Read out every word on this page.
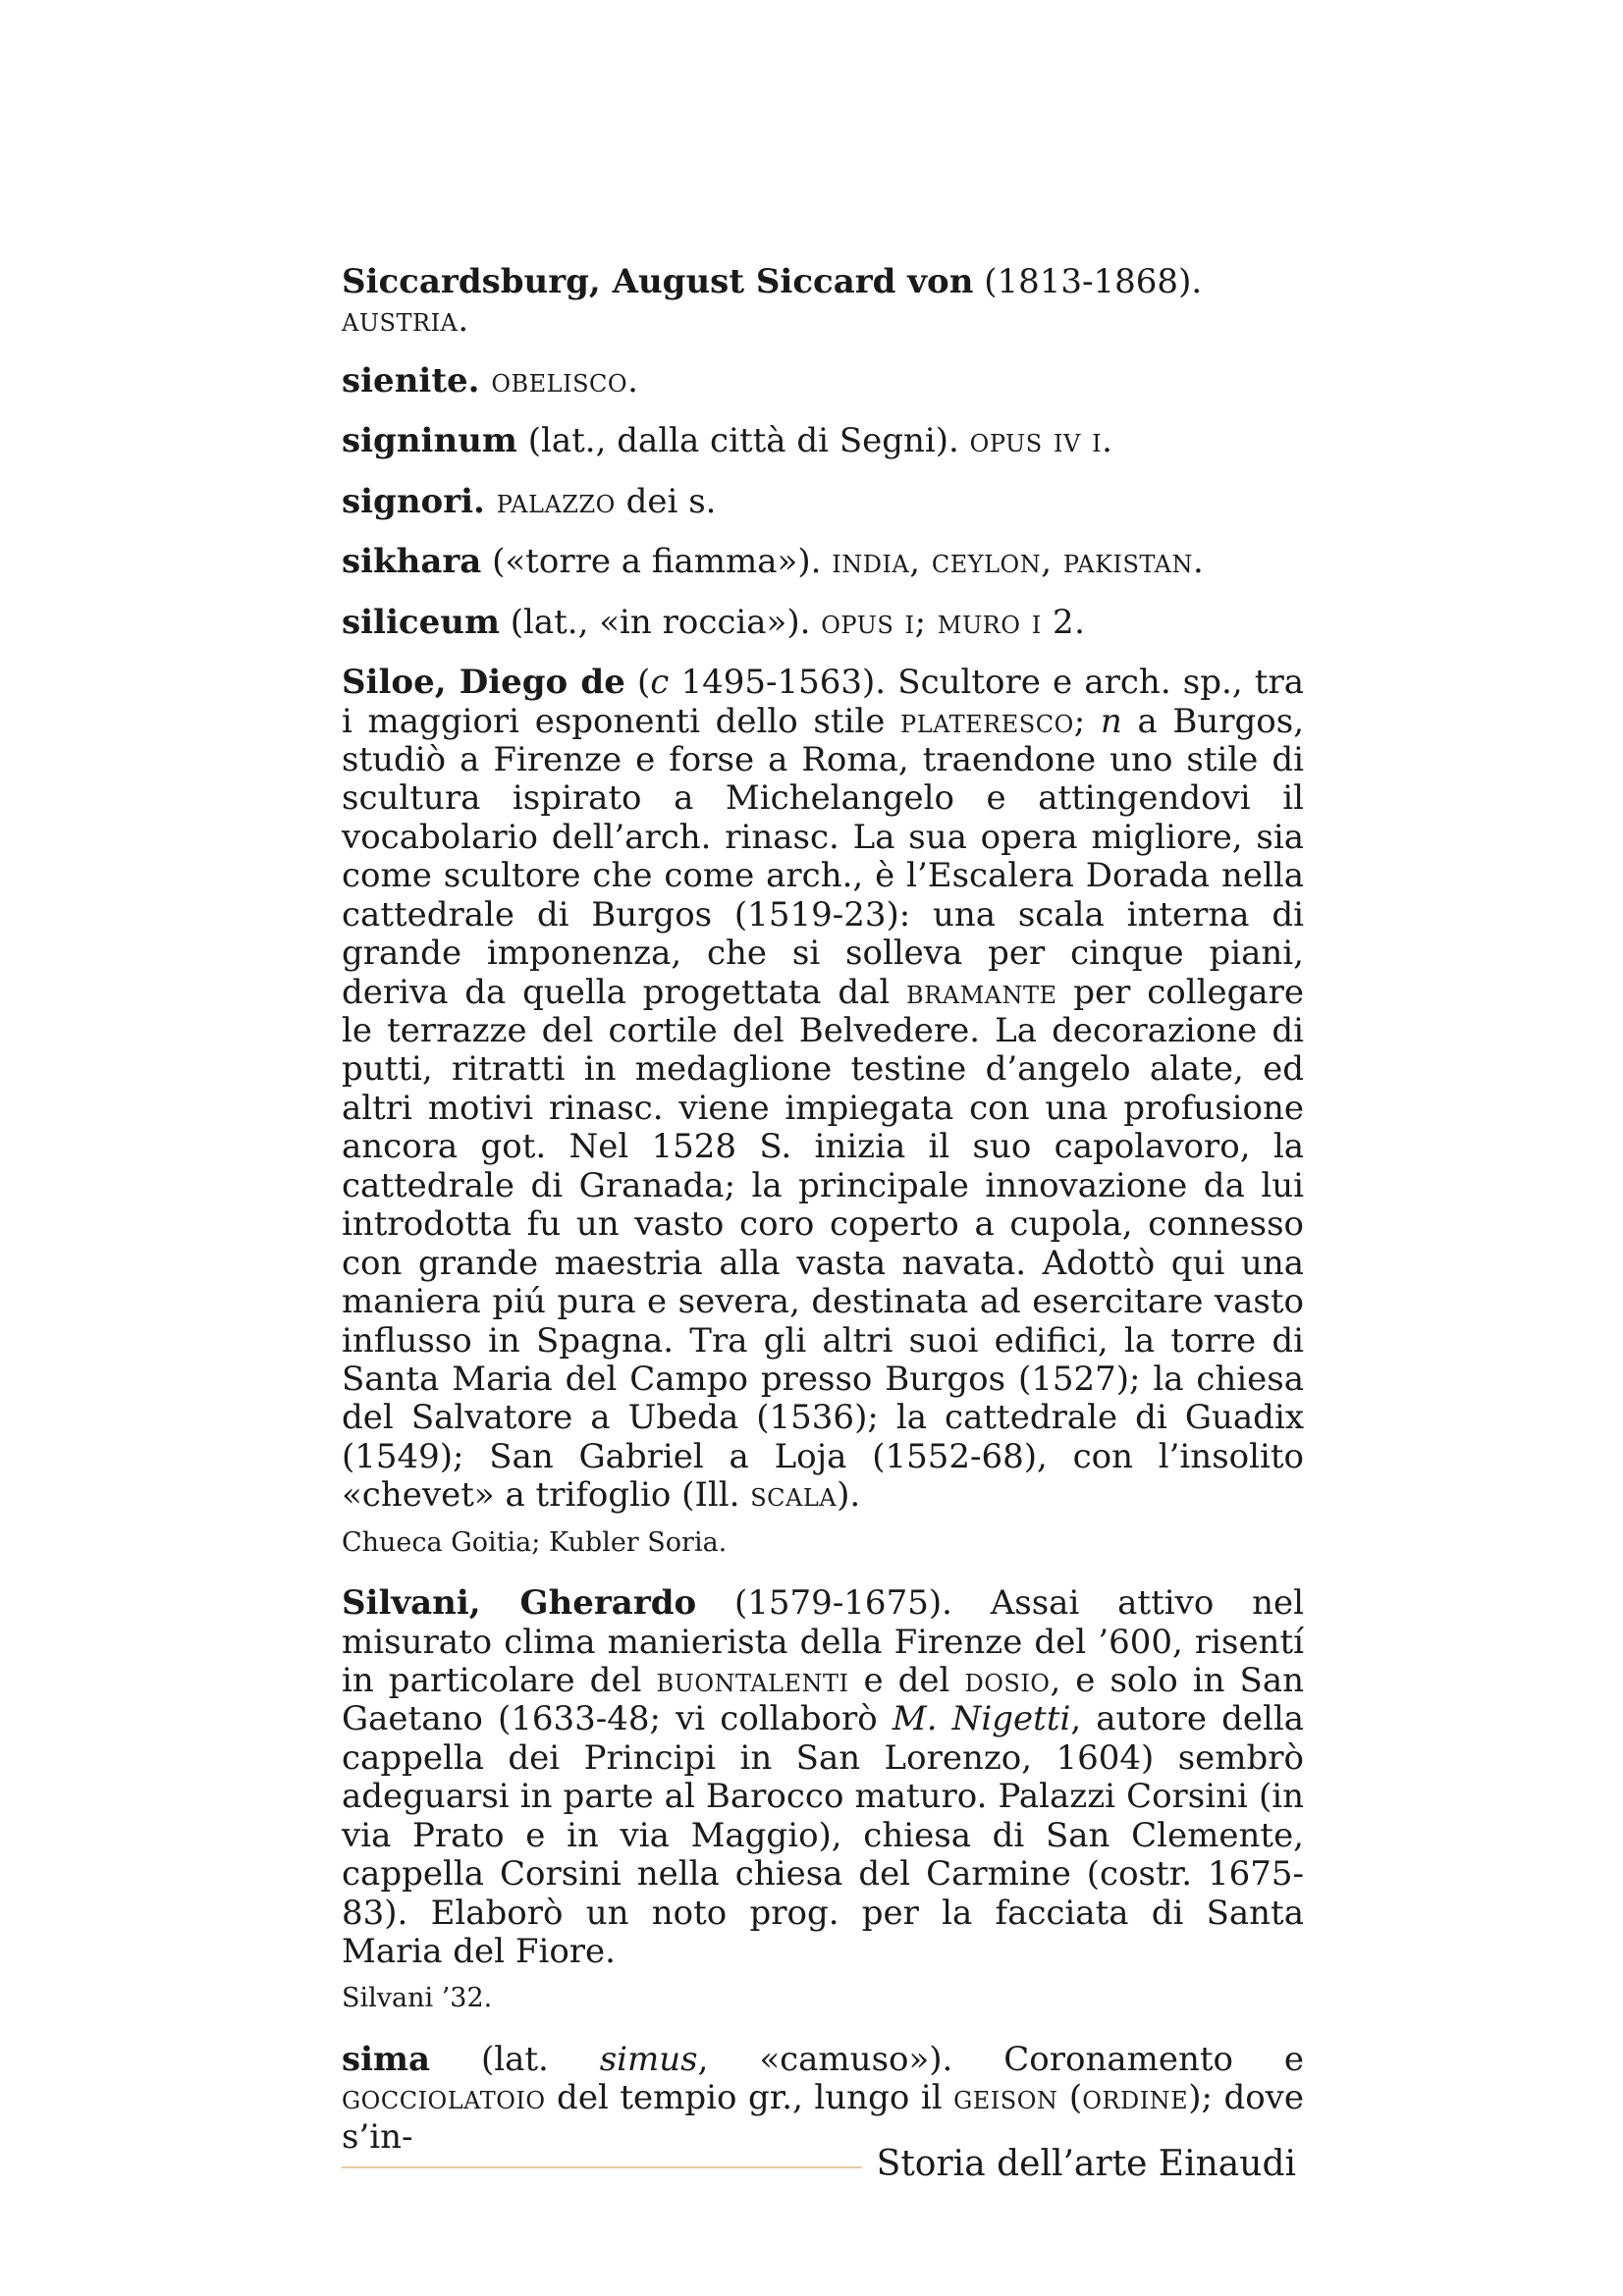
Siccardsburg, August Siccard von (1813-1868). austria.

sienite. obelisco.

signinum (lat., dalla città di Segni). opus iv i.

signori. palazzo dei s.

sikhara («torre a fiamma»). india, ceylon, pakistan.

siliceum (lat., «in roccia»). opus i; muro i 2.

Siloe, Diego de (c 1495-1563). Scultore e arch. sp., tra i maggiori esponenti dello stile plateresco; n a Burgos, studiò a Firenze e forse a Roma, traendone uno stile di scultura ispirato a Michelangelo e attingendovi il vocabolario dell’arch. rinasc. La sua opera migliore, sia come scultore che come arch., è l’Escalera Dorada nella cattedrale di Burgos (1519-23): una scala interna di grande imponenza, che si solleva per cinque piani, deriva da quella progettata dal bramante per collegare le terrazze del cortile del Belvedere. La decorazione di putti, ritratti in medaglione testine d’angelo alate, ed altri motivi rinasc. viene impiegata con una profusione ancora got. Nel 1528 S. inizia il suo capolavoro, la cattedrale di Granada; la principale innovazione da lui introdotta fu un vasto coro coperto a cupola, connesso con grande maestria alla vasta navata. Adottò qui una maniera piú pura e severa, destinata ad esercitare vasto influsso in Spagna. Tra gli altri suoi edifici, la torre di Santa Maria del Campo presso Burgos (1527); la chiesa del Salvatore a Ubeda (1536); la cattedrale di Guadix (1549); San Gabriel a Loja (1552-68), con l’insolito «chevet» a trifoglio (Ill. scala).

Chueca Goitia; Kubler Soria.

Silvani, Gherardo (1579-1675). Assai attivo nel misurato clima manierista della Firenze del ’600, risentí in particolare del buontalenti e del dosio, e solo in San Gaetano (1633-48; vi collaborò M. Nigetti, autore della cappella dei Principi in San Lorenzo, 1604) sembrò adeguarsi in parte al Barocco maturo. Palazzi Corsini (in via Prato e in via Maggio), chiesa di San Clemente, cappella Corsini nella chiesa del Carmine (costr. 1675-83). Elaborò un noto prog. per la facciata di Santa Maria del Fiore.

Silvani ’32.

sima (lat. simus, «camuso»). Coronamento e gocciolatoio del tempio gr., lungo il geison (ordine); dove s’in-

Storia dell’arte Einaudi
